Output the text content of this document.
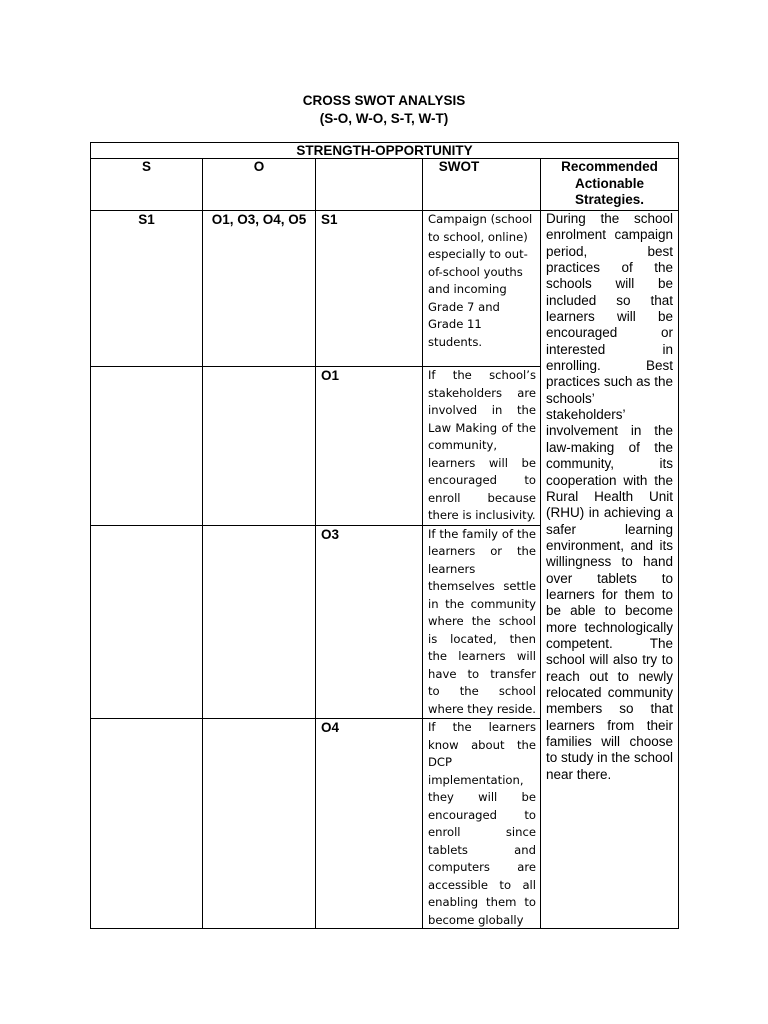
CROSS SWOT ANALYSIS
(S-O, W-O, S-T, W-T)
STRENGTH-OPPORTUNITY				
S	O		SWOT	Recommended Actionable Strategies.
S1	O1, O3, O4, O5	S1	Campaign (school to school, online) especially to out-of-school youths and incoming Grade 7 and Grade 11 students.	During the school enrolment campaign period, best practices of the schools will be included so that learners will be encouraged or interested in enrolling. Best practices such as the schools’ stakeholders’ involvement in the law-making of the community, its cooperation with the Rural Health Unit (RHU) in achieving a safer learning environment, and its willingness to hand over tablets to learners for them to be able to become more technologically competent. The school will also try to reach out to newly relocated community members so that learners from their families will choose to study in the school near there.
		O1	If the school’s stakeholders are involved in the Law Making of the community, learners will be encouraged to enroll because there is inclusivity.	
		O3	If the family of the learners or the learners themselves settle in the community where the school is located, then the learners will have to transfer to the school where they reside.	
		O4	If the learners know about the DCP implementation, they will be encouraged to enroll since tablets and computers are accessible to all enabling them to become globally	
